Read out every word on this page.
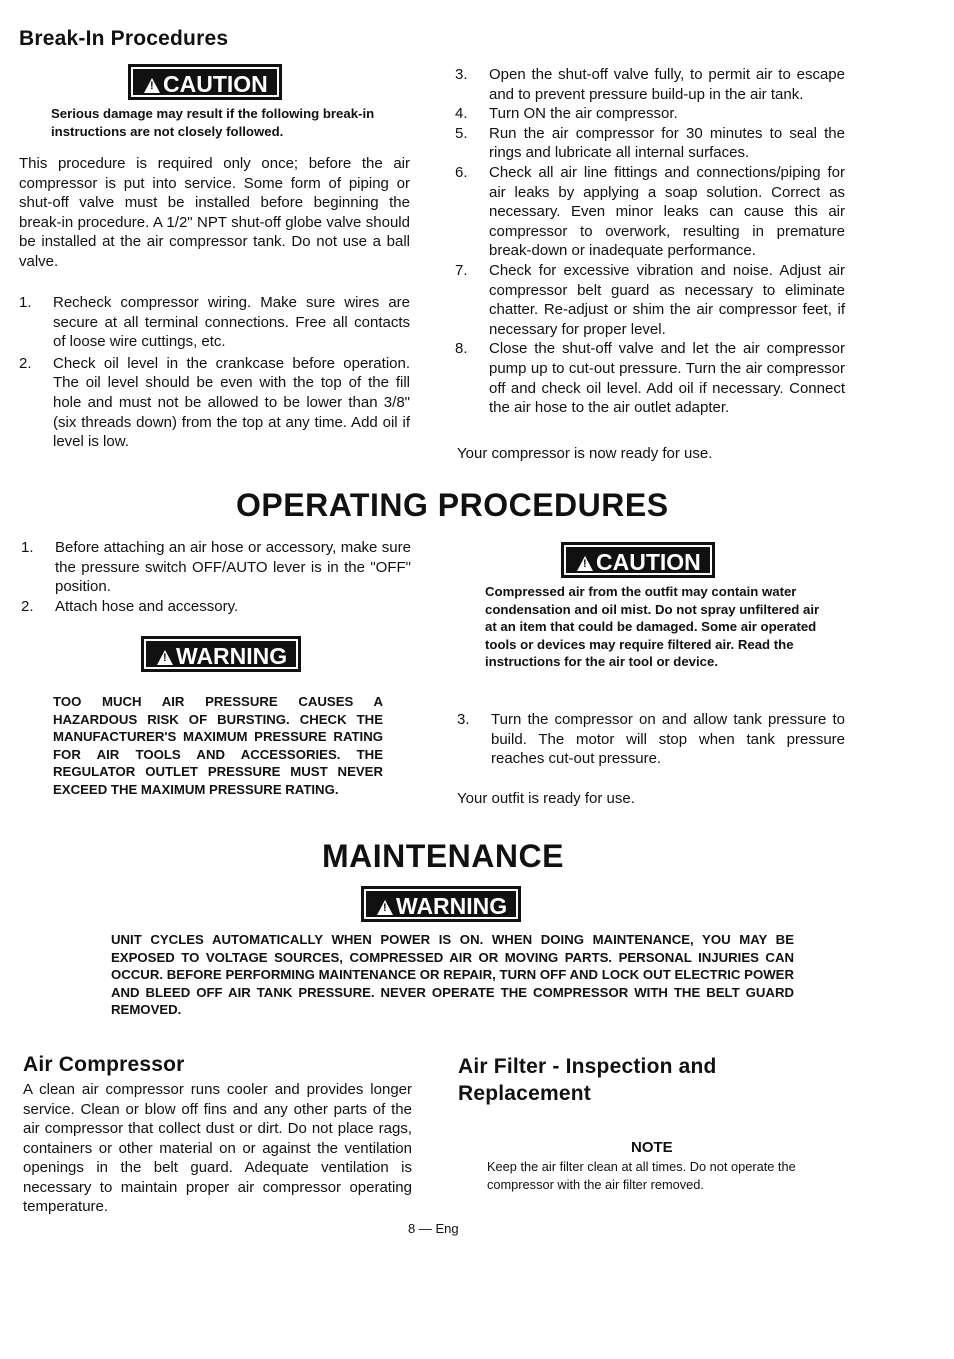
Break-In Procedures
!CAUTION
Serious damage may result if the following break-in instructions are not closely followed.
This procedure is required only once; before the air compressor is put into service. Some form of piping or shut-off valve must be installed before beginning the break-in procedure. A 1/2" NPT shut-off globe valve should be installed at the air compressor tank. Do not use a ball valve.
1. Recheck compressor wiring. Make sure wires are secure at all terminal connections. Free all contacts of loose wire cuttings, etc.
2. Check oil level in the crankcase before operation. The oil level should be even with the top of the fill hole and must not be allowed to be lower than 3/8" (six threads down) from the top at any time. Add oil if level is low.
3. Open the shut-off valve fully, to permit air to escape and to prevent pressure build-up in the air tank.
4. Turn ON the air compressor.
5. Run the air compressor for 30 minutes to seal the rings and lubricate all internal surfaces.
6. Check all air line fittings and connections/piping for air leaks by applying a soap solution. Correct as necessary. Even minor leaks can cause this air compressor to overwork, resulting in premature break-down or inadequate performance.
7. Check for excessive vibration and noise. Adjust air compressor belt guard as necessary to eliminate chatter. Re-adjust or shim the air compressor feet, if necessary for proper level.
8. Close the shut-off valve and let the air compressor pump up to cut-out pressure. Turn the air compressor off and check oil level. Add oil if necessary. Connect the air hose to the air outlet adapter.
Your compressor is now ready for use.
OPERATING PROCEDURES
1. Before attaching an air hose or accessory, make sure the pressure switch OFF/AUTO lever is in the "OFF" position.
2. Attach hose and accessory.
!WARNING
TOO MUCH AIR PRESSURE CAUSES A HAZARDOUS RISK OF BURSTING. CHECK THE MANUFACTURER'S MAXIMUM PRESSURE RATING FOR AIR TOOLS AND ACCESSORIES. THE REGULATOR OUTLET PRESSURE MUST NEVER EXCEED THE MAXIMUM PRESSURE RATING.
!CAUTION
Compressed air from the outfit may contain water condensation and oil mist. Do not spray unfiltered air at an item that could be damaged. Some air operated tools or devices may require filtered air. Read the instructions for the air tool or device.
3. Turn the compressor on and allow tank pressure to build. The motor will stop when tank pressure reaches cut-out pressure.
Your outfit is ready for use.
MAINTENANCE
!WARNING
UNIT CYCLES AUTOMATICALLY WHEN POWER IS ON. WHEN DOING MAINTENANCE, YOU MAY BE EXPOSED TO VOLTAGE SOURCES, COMPRESSED AIR OR MOVING PARTS. PERSONAL INJURIES CAN OCCUR. BEFORE PERFORMING MAINTENANCE OR REPAIR, TURN OFF AND LOCK OUT ELECTRIC POWER AND BLEED OFF AIR TANK PRESSURE. NEVER OPERATE THE COMPRESSOR WITH THE BELT GUARD REMOVED.
Air Compressor
A clean air compressor runs cooler and provides longer service. Clean or blow off fins and any other parts of the air compressor that collect dust or dirt. Do not place rags, containers or other material on or against the ventilation openings in the belt guard. Adequate ventilation is necessary to maintain proper air compressor operating temperature.
Air Filter - Inspection and Replacement
NOTE
Keep the air filter clean at all times. Do not operate the compressor with the air filter removed.
8 — Eng
